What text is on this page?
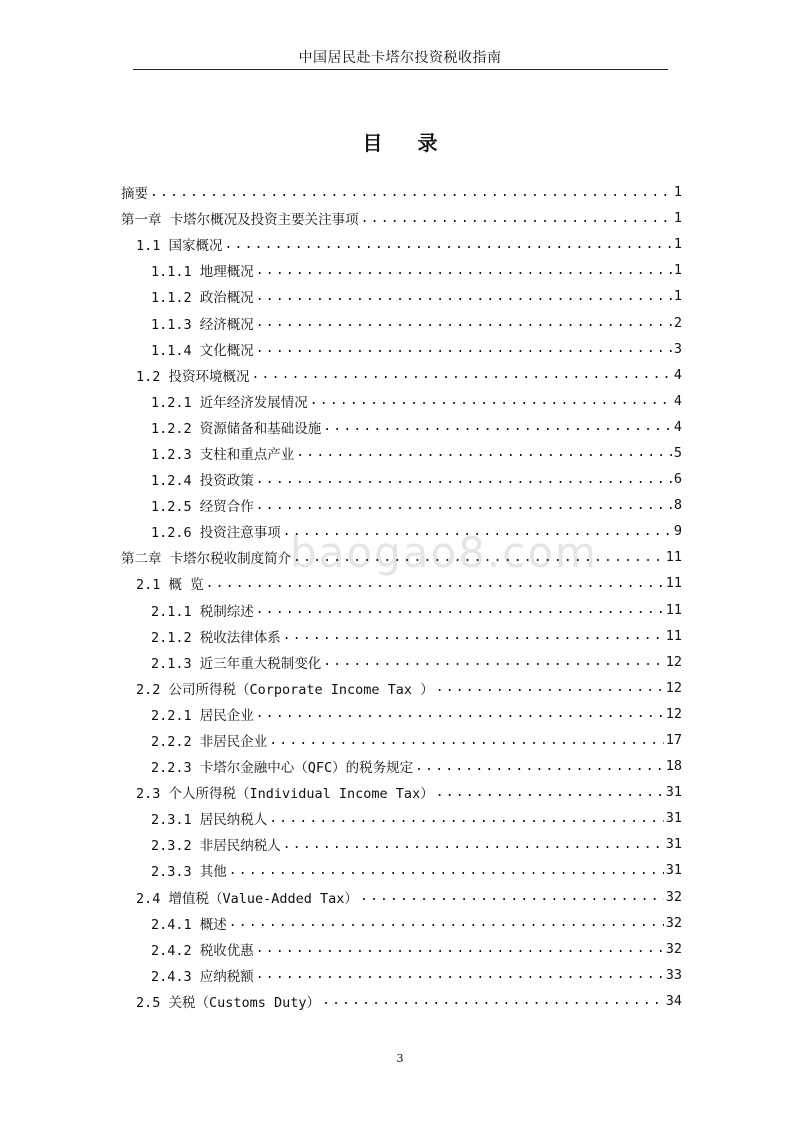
中国居民赴卡塔尔投资税收指南
目 录
baogao8.com
摘要 .....	1
第一章 卡塔尔概况及投资主要关注事项 .....	1
1.1 国家概况 .....	1
1.1.1 地理概况 .....	1
1.1.2 政治概况 .....	1
1.1.3 经济概况 .....	2
1.1.4 文化概况 .....	3
1.2 投资环境概况 .....	4
1.2.1 近年经济发展情况 .....	4
1.2.2 资源储备和基础设施 .....	4
1.2.3 支柱和重点产业 .....	5
1.2.4 投资政策 .....	6
1.2.5 经贸合作 .....	8
1.2.6 投资注意事项 .....	9
第二章 卡塔尔税收制度简介 .....	11
2.1 概 览 .....	11
2.1.1 税制综述 .....	11
2.1.2 税收法律体系 .....	11
2.1.3 近三年重大税制变化 .....	12
2.2 公司所得税（Corporate Income Tax ） .....	12
2.2.1 居民企业 .....	12
2.2.2 非居民企业 .....	17
2.2.3 卡塔尔金融中心（QFC）的税务规定 .....	18
2.3 个人所得税（Individual Income Tax） .....	31
2.3.1 居民纳税人 .....	31
2.3.2 非居民纳税人 .....	31
2.3.3 其他 .....	31
2.4 增值税（Value-Added Tax） .....	32
2.4.1 概述 .....	32
2.4.2 税收优惠 .....	32
2.4.3 应纳税额 .....	33
2.5 关税（Customs Duty） .....	34
3
